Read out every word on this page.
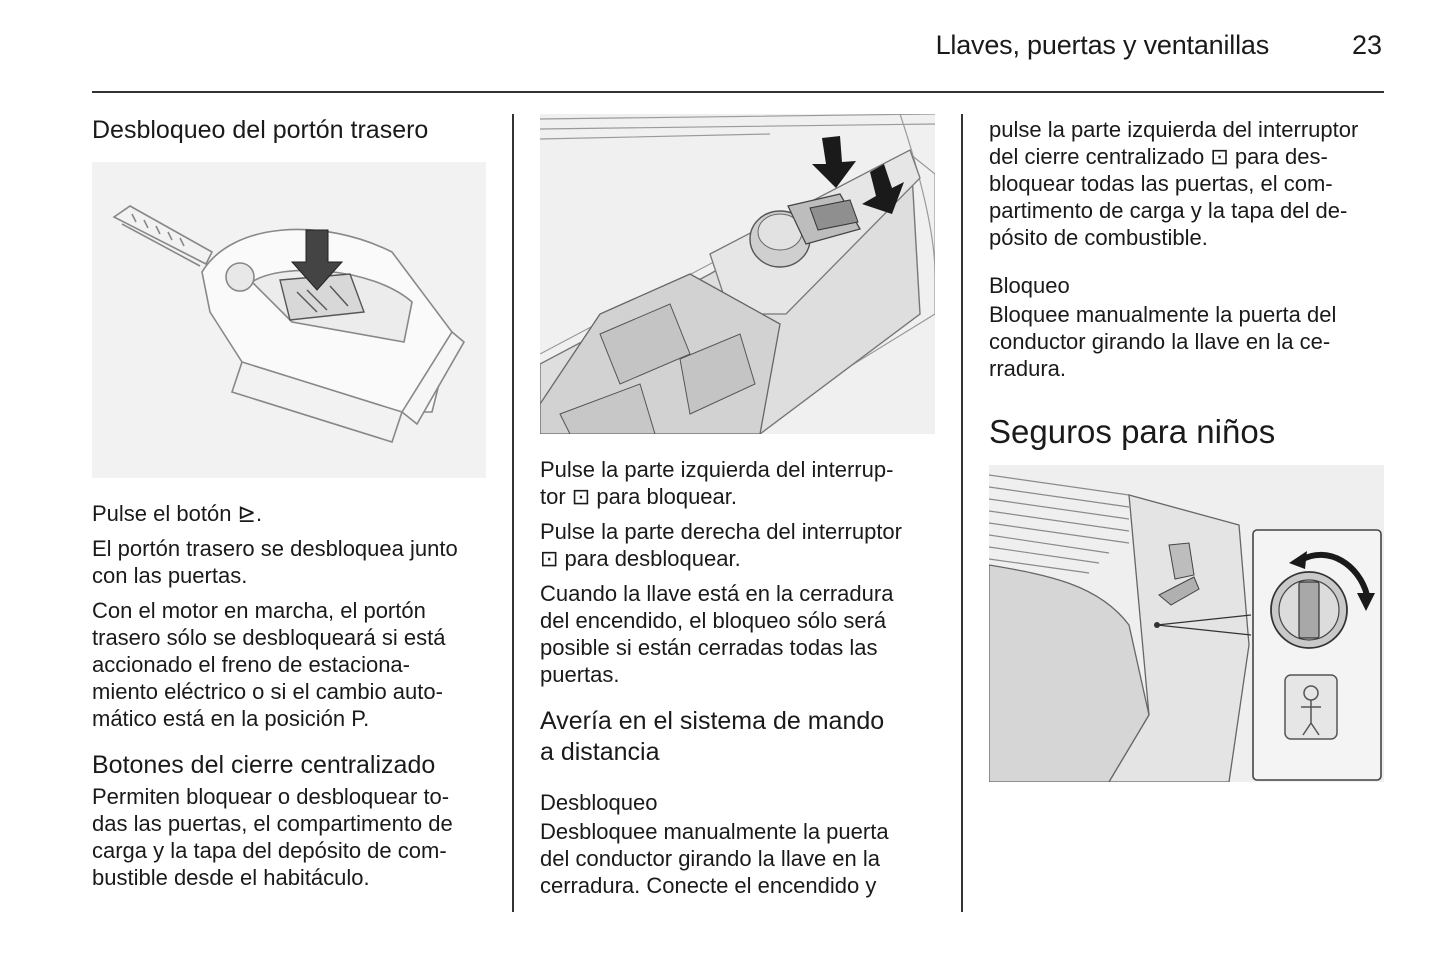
Llaves, puertas y ventanillas	23
Desbloqueo del portón trasero

Pulse el botón ⊵.

El portón trasero se desbloquea junto

con las puertas.

Con el motor en marcha, el portón

trasero sólo se desbloqueará si está

accionado el freno de estaciona-

miento eléctrico o si el cambio auto-

mático está en la posición P.

Botones del cierre centralizado

Permiten bloquear o desbloquear to-

das las puertas, el compartimento de

carga y la tapa del depósito de com-

bustible desde el habitáculo.

Pulse la parte izquierda del interrup-

tor ⊡ para bloquear.

Pulse la parte derecha del interruptor

⊡ para desbloquear.

Cuando la llave está en la cerradura

del encendido, el bloqueo sólo será

posible si están cerradas todas las

puertas.

Avería en el sistema de mando
a distancia
Desbloqueo

Desbloquee manualmente la puerta

del conductor girando la llave en la

cerradura. Conecte el encendido y

pulse la parte izquierda del interruptor

del cierre centralizado ⊡ para des-

bloquear todas las puertas, el com-

partimento de carga y la tapa del de-

pósito de combustible.

Bloqueo

Bloquee manualmente la puerta del

conductor girando la llave en la ce-

rradura.

Seguros para niños
